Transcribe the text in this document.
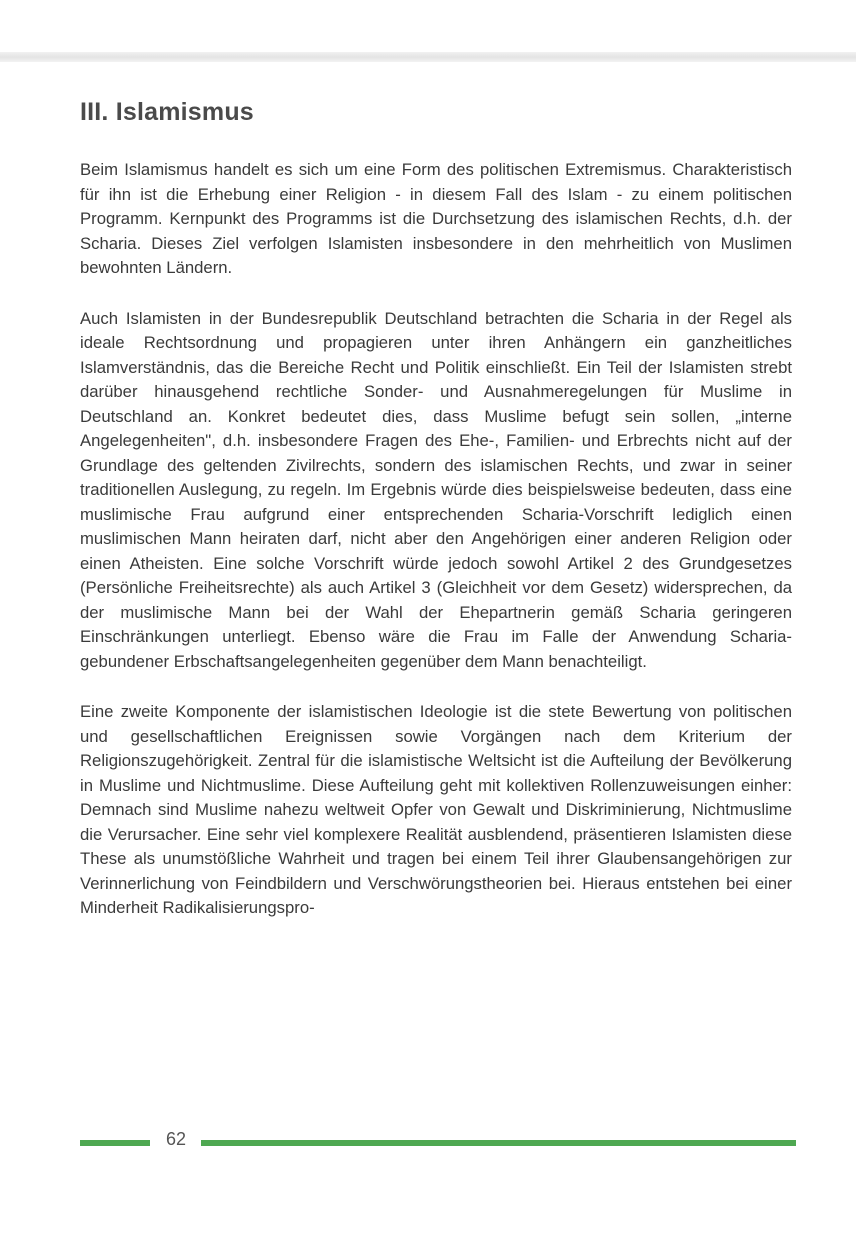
III. Islamismus

Beim Islamismus handelt es sich um eine Form des politischen Extremismus. Charakteristisch für ihn ist die Erhebung einer Religion - in diesem Fall des Islam - zu einem politischen Programm. Kernpunkt des Programms ist die Durchsetzung des islamischen Rechts, d.h. der Scharia. Dieses Ziel verfolgen Islamisten insbesondere in den mehrheitlich von Muslimen bewohnten Ländern.

Auch Islamisten in der Bundesrepublik Deutschland betrachten die Scharia in der Regel als ideale Rechtsordnung und propagieren unter ihren Anhängern ein ganzheitliches Islamverständnis, das die Bereiche Recht und Politik einschließt. Ein Teil der Islamisten strebt darüber hinausgehend rechtliche Sonder- und Ausnahmeregelungen für Muslime in Deutschland an. Konkret bedeutet dies, dass Muslime befugt sein sollen, „interne Angelegenheiten", d.h. insbesondere Fragen des Ehe-, Familien- und Erbrechts nicht auf der Grundlage des geltenden Zivilrechts, sondern des islamischen Rechts, und zwar in seiner traditionellen Auslegung, zu regeln. Im Ergebnis würde dies beispielsweise bedeuten, dass eine muslimische Frau aufgrund einer entsprechenden Scharia-Vorschrift lediglich einen muslimischen Mann heiraten darf, nicht aber den Angehörigen einer anderen Religion oder einen Atheisten. Eine solche Vorschrift würde jedoch sowohl Artikel 2 des Grundgesetzes (Persönliche Freiheitsrechte) als auch Artikel 3 (Gleichheit vor dem Gesetz) widersprechen, da der muslimische Mann bei der Wahl der Ehepartnerin gemäß Scharia geringeren Einschränkungen unterliegt. Ebenso wäre die Frau im Falle der Anwendung Scharia-gebundener Erbschaftsangelegenheiten gegenüber dem Mann benachteiligt.

Eine zweite Komponente der islamistischen Ideologie ist die stete Bewertung von politischen und gesellschaftlichen Ereignissen sowie Vorgängen nach dem Kriterium der Religionszugehörigkeit. Zentral für die islamistische Weltsicht ist die Aufteilung der Bevölkerung in Muslime und Nichtmuslime. Diese Aufteilung geht mit kollektiven Rollenzuweisungen einher: Demnach sind Muslime nahezu weltweit Opfer von Gewalt und Diskriminierung, Nichtmuslime die Verursacher. Eine sehr viel komplexere Realität ausblendend, präsentieren Islamisten diese These als unumstößliche Wahrheit und tragen bei einem Teil ihrer Glaubensangehörigen zur Verinnerlichung von Feindbildern und Verschwörungstheorien bei. Hieraus entstehen bei einer Minderheit Radikalisierungspro-

62
